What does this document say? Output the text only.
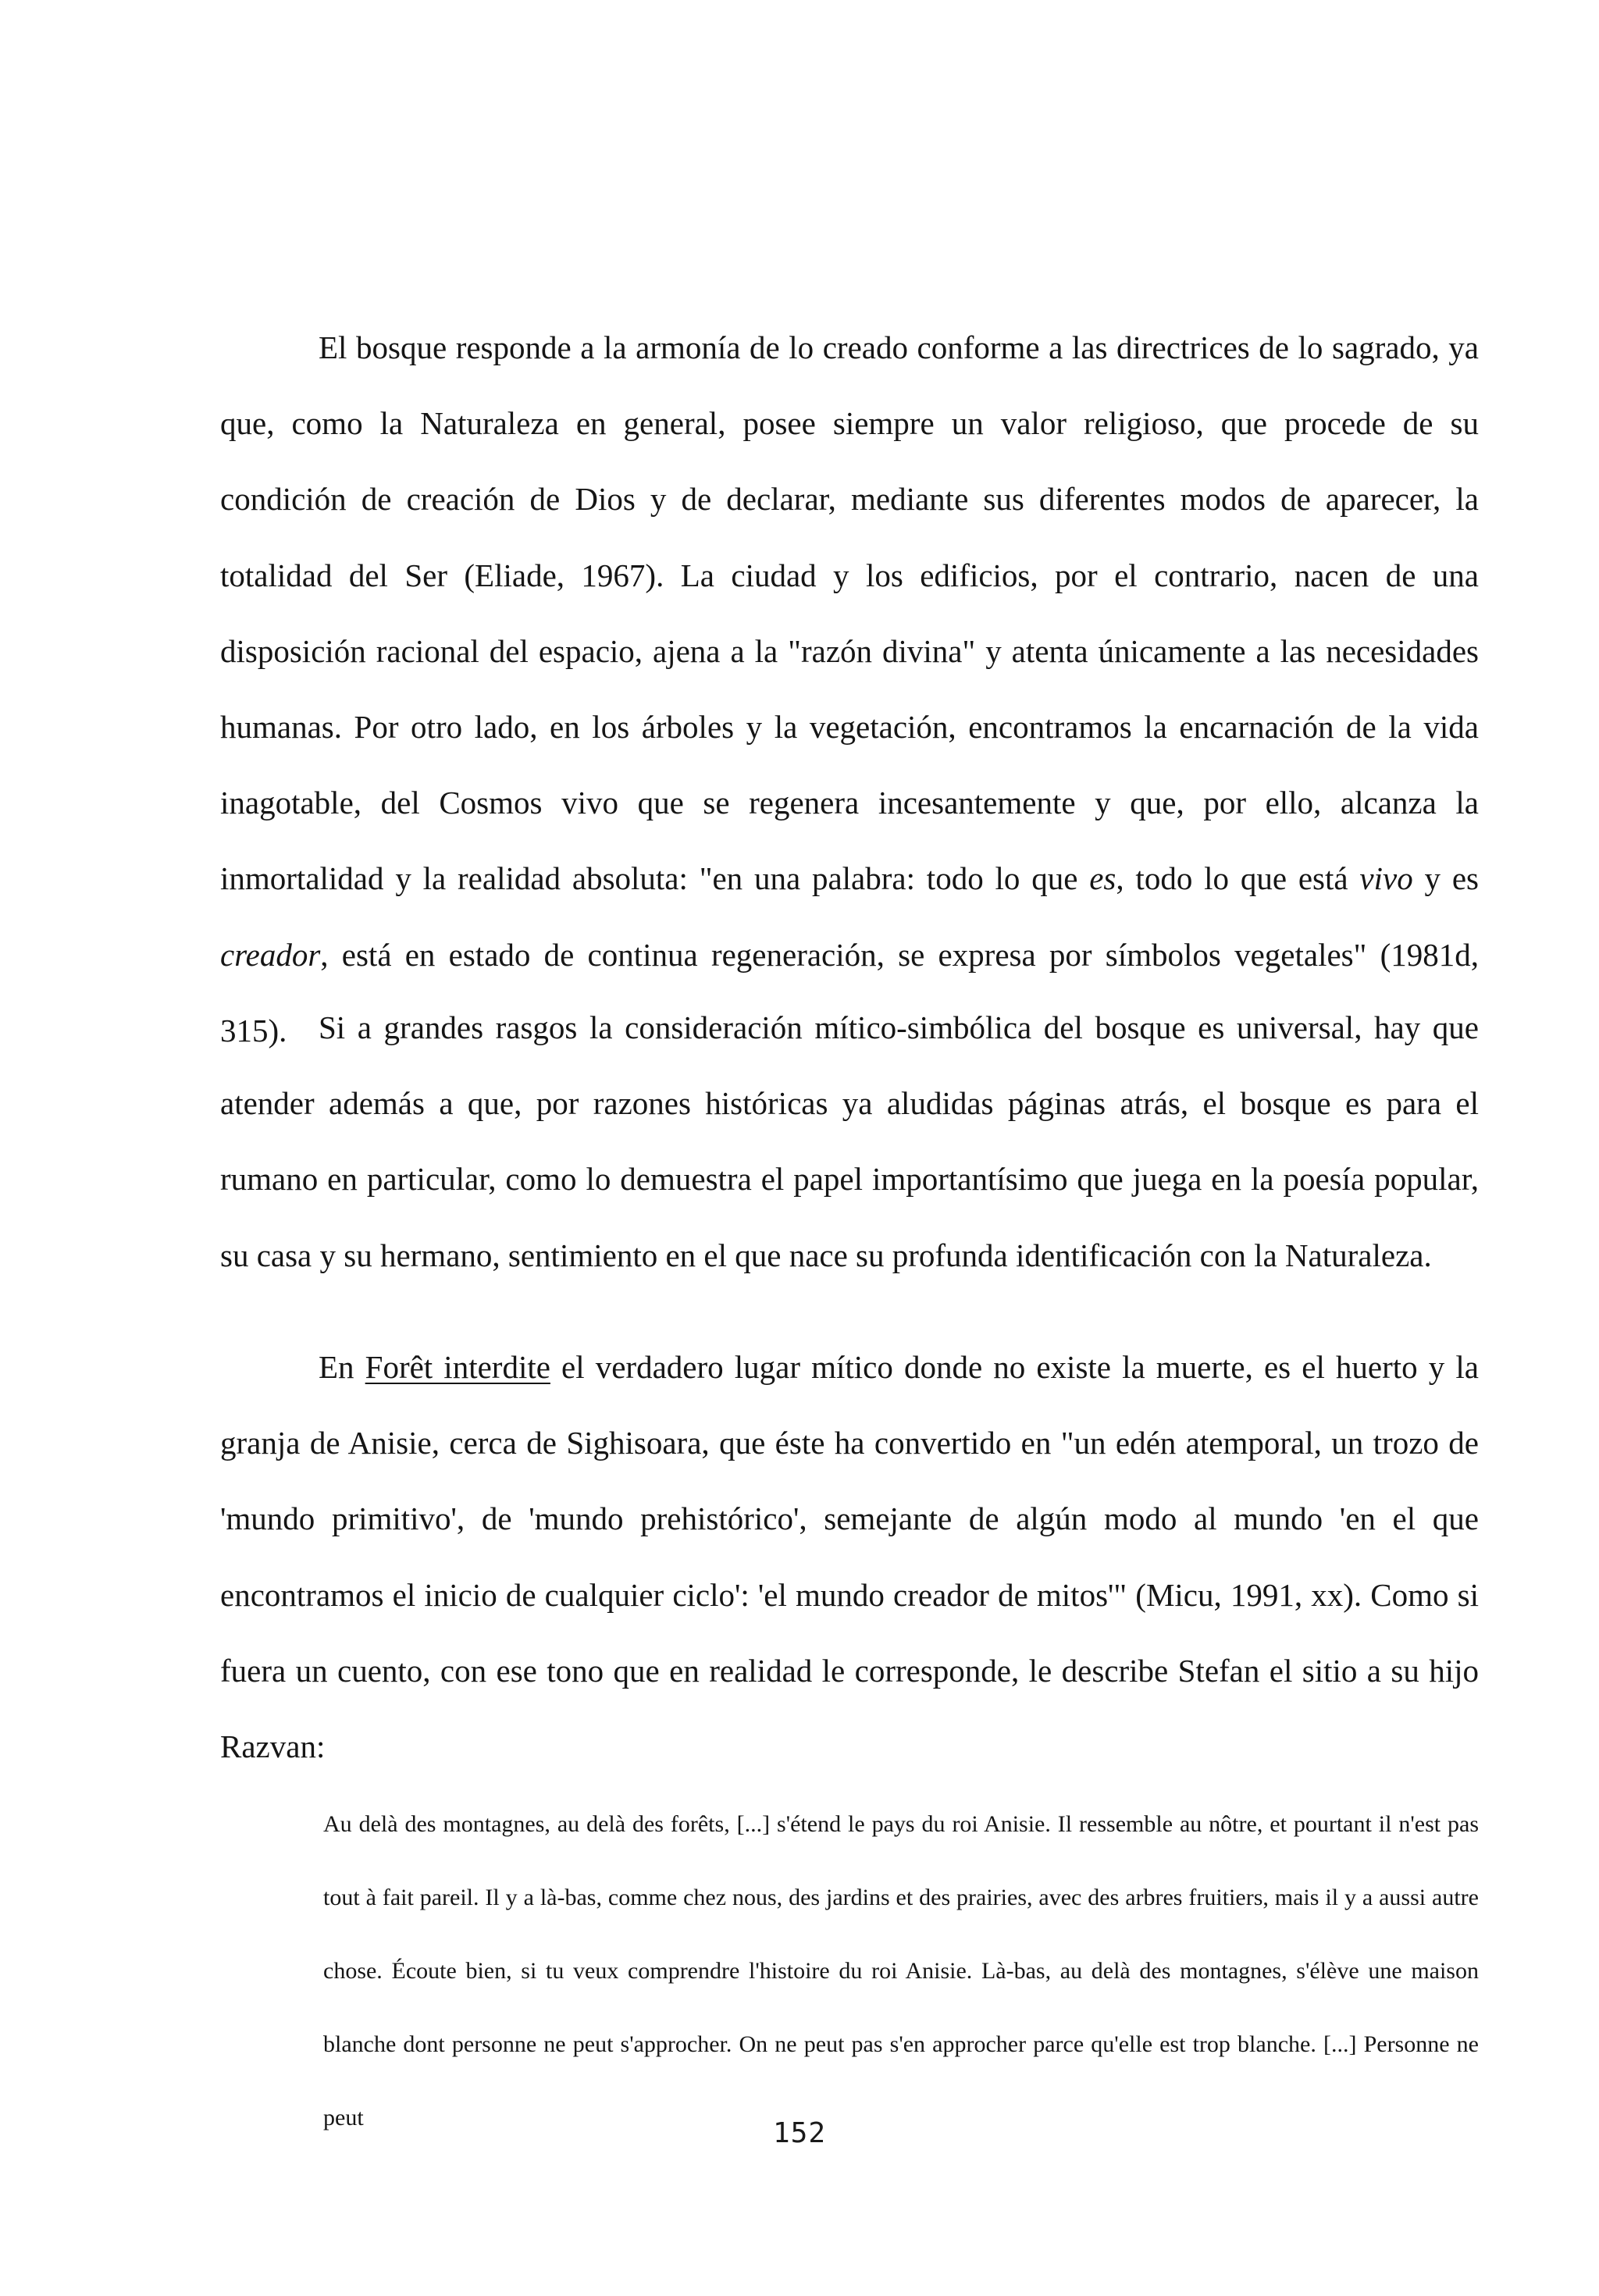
El bosque responde a la armonía de lo creado conforme a las directrices de lo sagrado, ya que, como la Naturaleza en general, posee siempre un valor religioso, que procede de su condición de creación de Dios y de declarar, mediante sus diferentes modos de aparecer, la totalidad del Ser (Eliade, 1967). La ciudad y los edificios, por el contrario, nacen de una disposición racional del espacio, ajena a la "razón divina" y atenta únicamente a las necesidades humanas. Por otro lado, en los árboles y la vegetación, encontramos la encarnación de la vida inagotable, del Cosmos vivo que se regenera incesantemente y que, por ello, alcanza la inmortalidad y la realidad absoluta: "en una palabra: todo lo que es, todo lo que está vivo y es creador, está en estado de continua regeneración, se expresa por símbolos vegetales" (1981d, 315). Si a grandes rasgos la consideración mítico-simbólica del bosque es universal, hay que atender además a que, por razones históricas ya aludidas páginas atrás, el bosque es para el rumano en particular, como lo demuestra el papel importantísimo que juega en la poesía popular, su casa y su hermano, sentimiento en el que nace su profunda identificación con la Naturaleza.

En Forêt interdite el verdadero lugar mítico donde no existe la muerte, es el huerto y la granja de Anisie, cerca de Sighisoara, que éste ha convertido en "un edén atemporal, un trozo de 'mundo primitivo', de 'mundo prehistórico', semejante de algún modo al mundo 'en el que encontramos el inicio de cualquier ciclo': 'el mundo creador de mitos'" (Micu, 1991, xx). Como si fuera un cuento, con ese tono que en realidad le corresponde, le describe Stefan el sitio a su hijo Razvan:

Au delà des montagnes, au delà des forêts, [...] s'étend le pays du roi Anisie. Il ressemble au nôtre, et pourtant il n'est pas tout à fait pareil. Il y a là-bas, comme chez nous, des jardins et des prairies, avec des arbres fruitiers, mais il y a aussi autre chose. Écoute bien, si tu veux comprendre l'histoire du roi Anisie. Là-bas, au delà des montagnes, s'élève une maison blanche dont personne ne peut s'approcher. On ne peut pas s'en approcher parce qu'elle est trop blanche. [...] Personne ne peut	152
